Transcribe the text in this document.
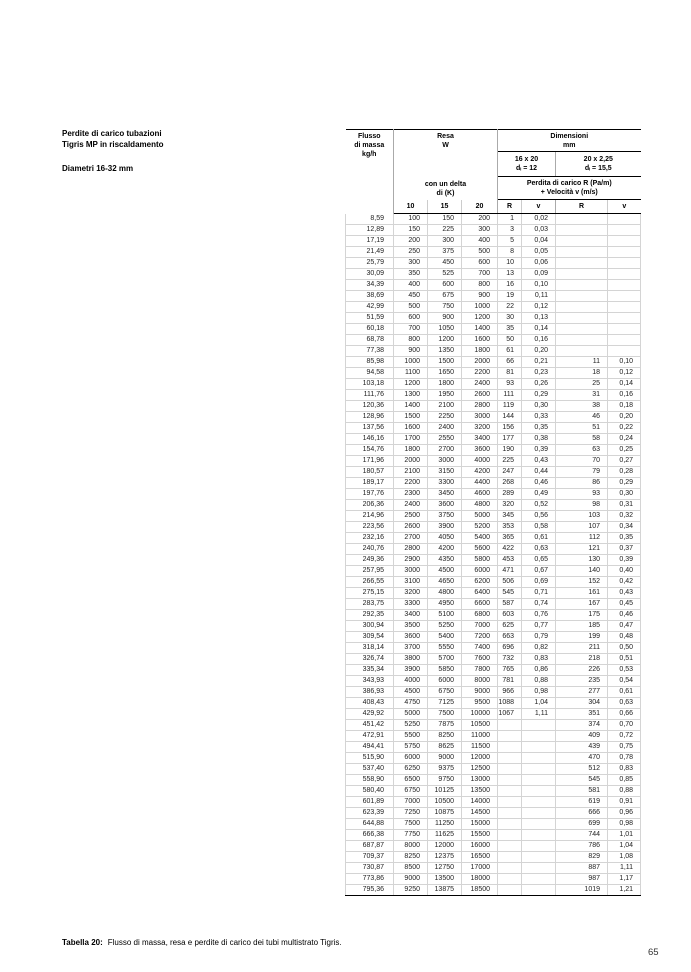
Perdite di carico tubazioni
Tigris MP in riscaldamento
Diametri 16-32 mm
Flusso
di massa
kg/h	Resa
W			Dimensioni
mm			

				16 x 20
dᵢ = 12		20 x 2,25
dᵢ = 15,5	

	con un delta
di (K)			Perdita di carico R (Pa/m)
+ Velocità v (m/s)			

	10	15	20	R	v	R	v
8,59	100	150	200	1	0,02		
12,89	150	225	300	3	0,03		
17,19	200	300	400	5	0,04		
21,49	250	375	500	8	0,05		
25,79	300	450	600	10	0,06		
30,09	350	525	700	13	0,09		
34,39	400	600	800	16	0,10		
38,69	450	675	900	19	0,11		
42,99	500	750	1000	22	0,12		
51,59	600	900	1200	30	0,13		
60,18	700	1050	1400	35	0,14		
68,78	800	1200	1600	50	0,16		
77,38	900	1350	1800	61	0,20		
85,98	1000	1500	2000	66	0,21	11	0,10
94,58	1100	1650	2200	81	0,23	18	0,12
103,18	1200	1800	2400	93	0,26	25	0,14
111,76	1300	1950	2600	111	0,29	31	0,16
120,36	1400	2100	2800	119	0,30	38	0,18
128,96	1500	2250	3000	144	0,33	46	0,20
137,56	1600	2400	3200	156	0,35	51	0,22
146,16	1700	2550	3400	177	0,38	58	0,24
154,76	1800	2700	3600	190	0,39	63	0,25
171,96	2000	3000	4000	225	0,43	70	0,27
180,57	2100	3150	4200	247	0,44	79	0,28
189,17	2200	3300	4400	268	0,46	86	0,29
197,76	2300	3450	4600	289	0,49	93	0,30
206,36	2400	3600	4800	320	0,52	98	0,31
214,96	2500	3750	5000	345	0,56	103	0,32
223,56	2600	3900	5200	353	0,58	107	0,34
232,16	2700	4050	5400	365	0,61	112	0,35
240,76	2800	4200	5600	422	0,63	121	0,37
249,36	2900	4350	5800	453	0,65	130	0,39
257,95	3000	4500	6000	471	0,67	140	0,40
266,55	3100	4650	6200	506	0,69	152	0,42
275,15	3200	4800	6400	545	0,71	161	0,43
283,75	3300	4950	6600	587	0,74	167	0,45
292,35	3400	5100	6800	603	0,76	175	0,46
300,94	3500	5250	7000	625	0,77	185	0,47
309,54	3600	5400	7200	663	0,79	199	0,48
318,14	3700	5550	7400	696	0,82	211	0,50
326,74	3800	5700	7600	732	0,83	218	0,51
335,34	3900	5850	7800	765	0,86	226	0,53
343,93	4000	6000	8000	781	0,88	235	0,54
386,93	4500	6750	9000	966	0,98	277	0,61
408,43	4750	7125	9500	1088	1,04	304	0,63
429,92	5000	7500	10000	1067	1,11	351	0,66
451,42	5250	7875	10500			374	0,70
472,91	5500	8250	11000			409	0,72
494,41	5750	8625	11500			439	0,75
515,90	6000	9000	12000			470	0,78
537,40	6250	9375	12500			512	0,83
558,90	6500	9750	13000			545	0,85
580,40	6750	10125	13500			581	0,88
601,89	7000	10500	14000			619	0,91
623,39	7250	10875	14500			666	0,96
644,88	7500	11250	15000			699	0,98
666,38	7750	11625	15500			744	1,01
687,87	8000	12000	16000			786	1,04
709,37	8250	12375	16500			829	1,08
730,87	8500	12750	17000			887	1,11
773,86	9000	13500	18000			987	1,17
795,36	9250	13875	18500			1019	1,21
Tabella 20: Flusso di massa, resa e perdite di carico dei tubi multistrato Tigris.
65
